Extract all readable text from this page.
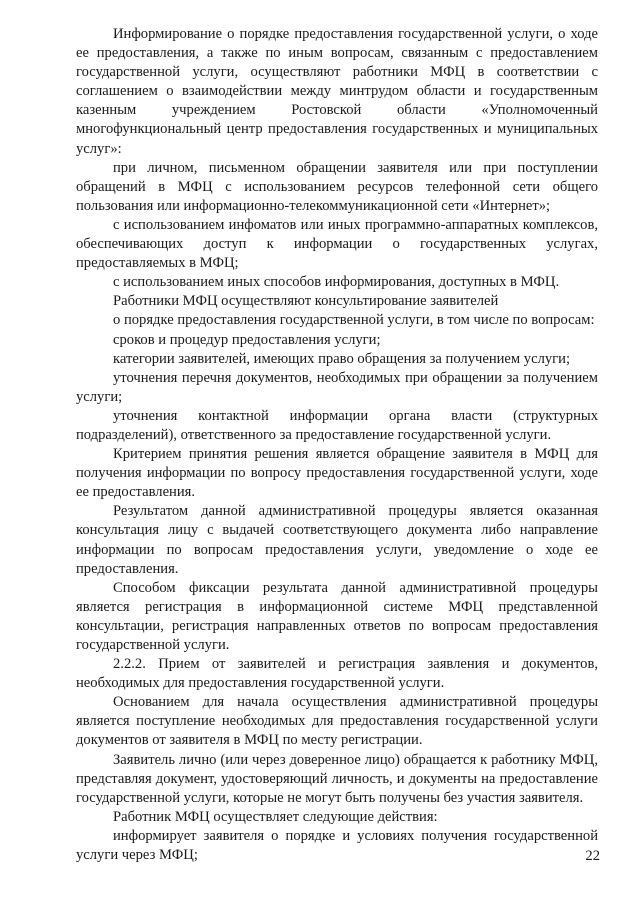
Информирование о порядке предоставления государственной услуги, о ходе ее предоставления, а также по иным вопросам, связанным с предоставлением государственной услуги, осуществляют работники МФЦ в соответствии с соглашением о взаимодействии между минтрудом области и государственным казенным учреждением Ростовской области «Уполномоченный многофункциональный центр предоставления государственных и муниципальных услуг»:

при личном, письменном обращении заявителя или при поступлении обращений в МФЦ с использованием ресурсов телефонной сети общего пользования или информационно-телекоммуникационной сети «Интернет»;

с использованием инфоматов или иных программно-аппаратных комплексов, обеспечивающих доступ к информации о государственных услугах, предоставляемых в МФЦ;

с использованием иных способов информирования, доступных в МФЦ.

Работники МФЦ осуществляют консультирование заявителей

о порядке предоставления государственной услуги, в том числе по вопросам:

сроков и процедур предоставления услуги;

категории заявителей, имеющих право обращения за получением услуги;

уточнения перечня документов, необходимых при обращении за получением услуги;

уточнения контактной информации органа власти (структурных подразделений), ответственного за предоставление государственной услуги.

Критерием принятия решения является обращение заявителя в МФЦ для получения информации по вопросу предоставления государственной услуги, ходе ее предоставления.

Результатом данной административной процедуры является оказанная консультация лицу с выдачей соответствующего документа либо направление информации по вопросам предоставления услуги, уведомление о ходе ее предоставления.

Способом фиксации результата данной административной процедуры является регистрация в информационной системе МФЦ представленной консультации, регистрация направленных ответов по вопросам предоставления государственной услуги.

2.2.2. Прием от заявителей и регистрация заявления и документов, необходимых для предоставления государственной услуги.

Основанием для начала осуществления административной процедуры является поступление необходимых для предоставления государственной услуги документов от заявителя в МФЦ по месту регистрации.

Заявитель лично (или через доверенное лицо) обращается к работнику МФЦ, представляя документ, удостоверяющий личность, и документы на предоставление государственной услуги, которые не могут быть получены без участия заявителя.

Работник МФЦ осуществляет следующие действия:

информирует заявителя о порядке и условиях получения государственной услуги через МФЦ;	22
